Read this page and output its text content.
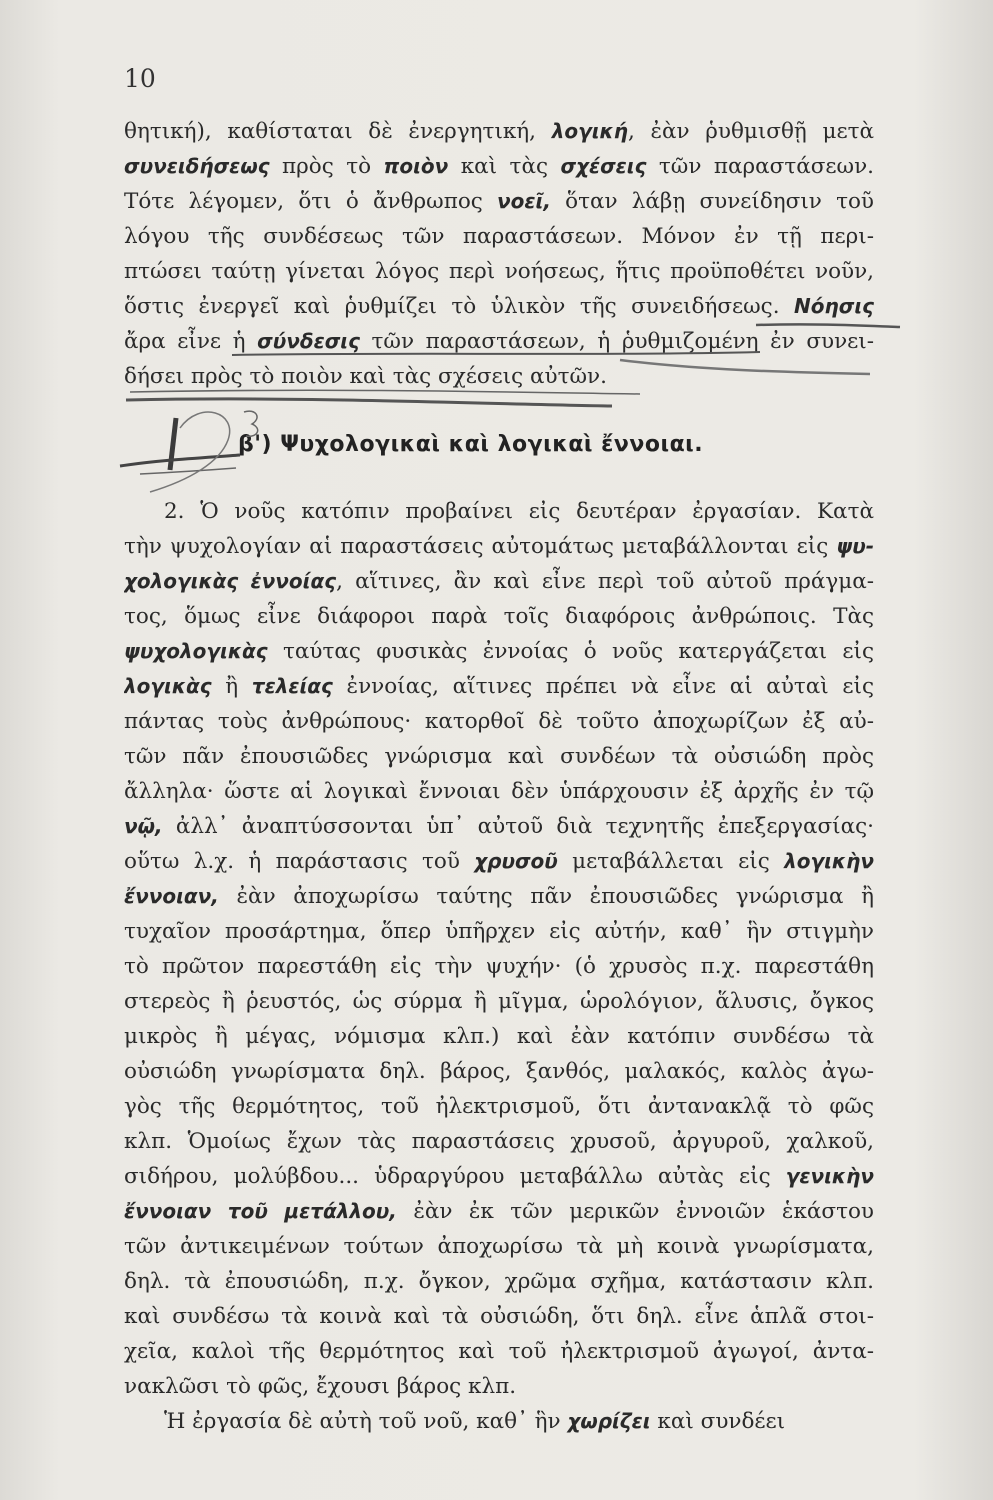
10
θητική), καθίσταται δὲ ἐνεργητική, λογική, ἐὰν ῥυθμισθῇ μετὰ
συνειδήσεως πρὸς τὸ ποιὸν καὶ τὰς σχέσεις τῶν παραστάσεων.
Τότε λέγομεν, ὅτι ὁ ἄνθρωπος νοεῖ, ὅταν λάβῃ συνείδησιν τοῦ
λόγου τῆς συνδέσεως τῶν παραστάσεων. Μόνον ἐν τῇ περι-
πτώσει ταύτῃ γίνεται λόγος περὶ νοήσεως, ἥτις προϋποθέτει νοῦν,
ὅστις ἐνεργεῖ καὶ ῥυθμίζει τὸ ὑλικὸν τῆς συνειδήσεως. Νόησις
ἄρα εἶνε ἡ σύνδεσις τῶν παραστάσεων, ἡ ῥυθμιζομένη ἐν συνει-
δήσει πρὸς τὸ ποιὸν καὶ τὰς σχέσεις αὐτῶν.
β') Ψυχολογικαὶ καὶ λογικαὶ ἔννοιαι.
2. Ὁ νοῦς κατόπιν προβαίνει εἰς δευτέραν ἐργασίαν. Κατὰ
τὴν ψυχολογίαν αἱ παραστάσεις αὐτομάτως μεταβάλλονται εἰς ψυ-
χολογικὰς ἐννοίας, αἵτινες, ἂν καὶ εἶνε περὶ τοῦ αὐτοῦ πράγμα-
τος, ὅμως εἶνε διάφοροι παρὰ τοῖς διαφόροις ἀνθρώποις. Τὰς
ψυχολογικὰς ταύτας φυσικὰς ἐννοίας ὁ νοῦς κατεργάζεται εἰς
λογικὰς ἢ τελείας ἐννοίας, αἵτινες πρέπει νὰ εἶνε αἱ αὐταὶ εἰς
πάντας τοὺς ἀνθρώπους· κατορθοῖ δὲ τοῦτο ἀποχωρίζων ἐξ αὐ-
τῶν πᾶν ἐπουσιῶδες γνώρισμα καὶ συνδέων τὰ οὐσιώδη πρὸς
ἄλληλα· ὥστε αἱ λογικαὶ ἔννοιαι δὲν ὑπάρχουσιν ἐξ ἀρχῆς ἐν τῷ
νῷ, ἀλλ᾽ ἀναπτύσσονται ὑπ᾽ αὐτοῦ διὰ τεχνητῆς ἐπεξεργασίας·
οὕτω λ.χ. ἡ παράστασις τοῦ χρυσοῦ μεταβάλλεται εἰς λογικὴν
ἔννοιαν, ἐὰν ἀποχωρίσω ταύτης πᾶν ἐπουσιῶδες γνώρισμα ἢ
τυχαῖον προσάρτημα, ὅπερ ὑπῆρχεν εἰς αὐτήν, καθ᾽ ἣν στιγμὴν
τὸ πρῶτον παρεστάθη εἰς τὴν ψυχήν· (ὁ χρυσὸς π.χ. παρεστάθη
στερεὸς ἢ ῥευστός, ὡς σύρμα ἢ μῖγμα, ὡρολόγιον, ἅλυσις, ὄγκος
μικρὸς ἢ μέγας, νόμισμα κλπ.) καὶ ἐὰν κατόπιν συνδέσω τὰ
οὐσιώδη γνωρίσματα δηλ. βάρος, ξανθός, μαλακός, καλὸς ἀγω-
γὸς τῆς θερμότητος, τοῦ ἠλεκτρισμοῦ, ὅτι ἀντανακλᾷ τὸ φῶς
κλπ. Ὁμοίως ἔχων τὰς παραστάσεις χρυσοῦ, ἀργυροῦ, χαλκοῦ,
σιδήρου, μολύβδου... ὑδραργύρου μεταβάλλω αὐτὰς εἰς γενικὴν
ἔννοιαν τοῦ μετάλλου, ἐὰν ἐκ τῶν μερικῶν ἐννοιῶν ἑκάστου
τῶν ἀντικειμένων τούτων ἀποχωρίσω τὰ μὴ κοινὰ γνωρίσματα,
δηλ. τὰ ἐπουσιώδη, π.χ. ὄγκον, χρῶμα σχῆμα, κατάστασιν κλπ.
καὶ συνδέσω τὰ κοινὰ καὶ τὰ οὐσιώδη, ὅτι δηλ. εἶνε ἁπλᾶ στοι-
χεῖα, καλοὶ τῆς θερμότητος καὶ τοῦ ἠλεκτρισμοῦ ἀγωγοί, ἀντα-
νακλῶσι τὸ φῶς, ἔχουσι βάρος κλπ.
Ἡ ἐργασία δὲ αὐτὴ τοῦ νοῦ, καθ᾽ ἣν χωρίζει καὶ συνδέει
